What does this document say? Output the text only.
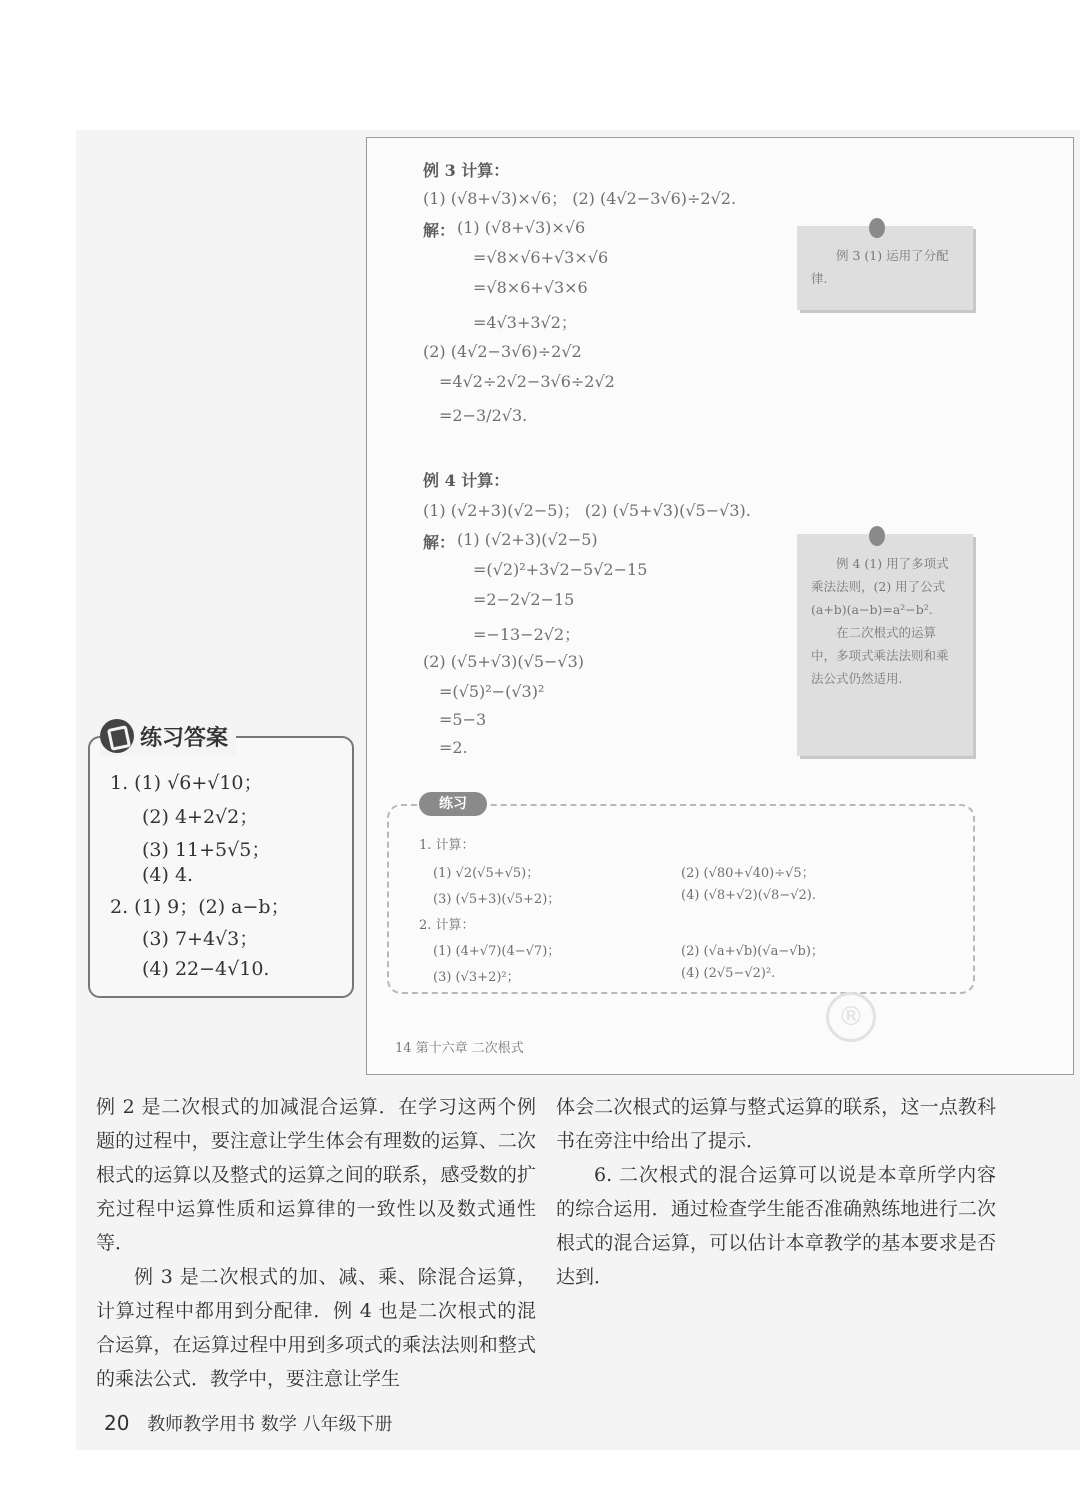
例 3 计算：
(1) (√8+√3)×√6； (2) (4√2−3√6)÷2√2.
解： (1) (√8+√3)×√6
=√8×√6+√3×√6
=√8×6+√3×6
=4√3+3√2；
(2) (4√2−3√6)÷2√2
=4√2÷2√2−3√6÷2√2
=2−3/2√3.

例 3 (1) 运用了分配律.

例 4 计算：
(1) (√2+3)(√2−5)； (2) (√5+√3)(√5−√3).
解： (1) (√2+3)(√2−5)
=(√2)²+3√2−5√2−15
=2−2√2−15
=−13−2√2；
(2) (√5+√3)(√5−√3)
=(√5)²−(√3)²
=5−3
=2.

例 4 (1) 用了多项式乘法法则，(2) 用了公式(a+b)(a−b)=a²−b².

在二次根式的运算中，多项式乘法法则和乘法公式仍然适用.

练习
1. 计算：
(1) √2(√5+√5)；	(2) (√80+√40)÷√5；
(3) (√5+3)(√5+2)；	(4) (√8+√2)(√8−√2).
2. 计算：
(1) (4+√7)(4−√7)；	(2) (√a+√b)(√a−√b)；
(3) (√3+2)²；	(4) (2√5−√2)².
14 第十六章 二次根式
®
1. (1) √6+√10；
(2) 4+2√2；
(3) 11+5√5；
(4) 4.
2. (1) 9；(2) a−b；
(3) 7+4√3；
(4) 22−4√10.
练习答案

例 2 是二次根式的加减混合运算．在学习这两个例题的过程中，要注意让学生体会有理数的运算、二次根式的运算以及整式的运算之间的联系，感受数的扩充过程中运算性质和运算律的一致性以及数式通性等．

例 3 是二次根式的加、减、乘、除混合运算，计算过程中都用到分配律．例 4 也是二次根式的混合运算，在运算过程中用到多项式的乘法法则和整式的乘法公式．教学中，要注意让学生

体会二次根式的运算与整式运算的联系，这一点教科书在旁注中给出了提示．

6. 二次根式的混合运算可以说是本章所学内容的综合运用．通过检查学生能否准确熟练地进行二次根式的混合运算，可以估计本章教学的基本要求是否达到．

20 教师教学用书 数学 八年级下册
